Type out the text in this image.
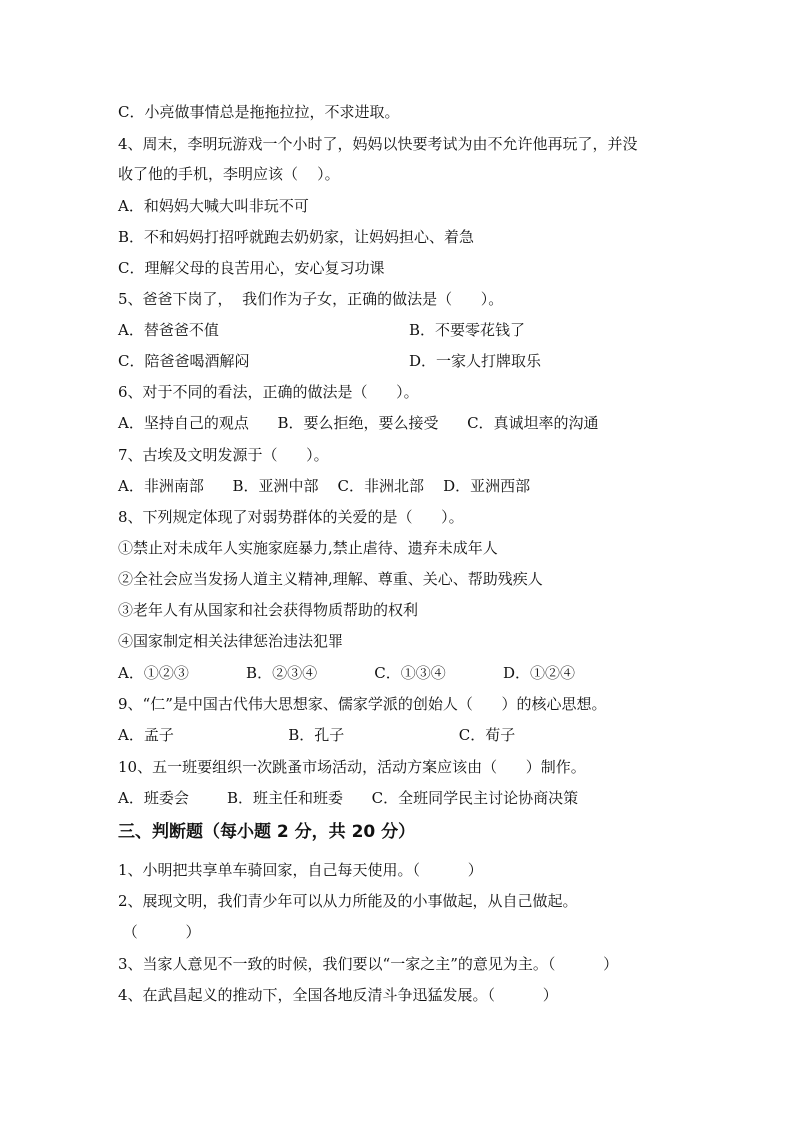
C．小亮做事情总是拖拖拉拉，不求进取。
4、周末，李明玩游戏一个小时了，妈妈以快要考试为由不允许他再玩了，并没
收了他的手机，李明应该（    ）。
A．和妈妈大喊大叫非玩不可
B．不和妈妈打招呼就跑去奶奶家，让妈妈担心、着急
C．理解父母的良苦用心，安心复习功课
5、爸爸下岗了，  我们作为子女，正确的做法是（      ）。
A．替爸爸不值	B．不要零花钱了
C．陪爸爸喝酒解闷	D．一家人打牌取乐
6、对于不同的看法，正确的做法是（      ）。
A．坚持自己的观点      B．要么拒绝，要么接受      C．真诚坦率的沟通
7、古埃及文明发源于（      ）。
A．非洲南部      B．亚洲中部    C．非洲北部    D．亚洲西部
8、下列规定体现了对弱势群体的关爱的是（      ）。
①禁止对未成年人实施家庭暴力,禁止虐待、遗弃未成年人
②全社会应当发扬人道主义精神,理解、尊重、关心、帮助残疾人
③老年人有从国家和社会获得物质帮助的权利
④国家制定相关法律惩治违法犯罪
A．①②③            B．②③④            C．①③④            D．①②④
9、“仁”是中国古代伟大思想家、儒家学派的创始人（      ）的核心思想。
A．孟子                        B．孔子                        C．荀子
10、五一班要组织一次跳蚤市场活动，活动方案应该由（      ）制作。
A．班委会        B．班主任和班委      C．全班同学民主讨论协商决策
三、判断题（每小题 2 分，共 20 分）
1、小明把共享单车骑回家，自己每天使用。（          ）
2、展现文明，我们青少年可以从力所能及的小事做起，从自己做起。
（          ）
3、当家人意见不一致的时候，我们要以“一家之主”的意见为主。（          ）
4、在武昌起义的推动下，全国各地反清斗争迅猛发展。（          ）
